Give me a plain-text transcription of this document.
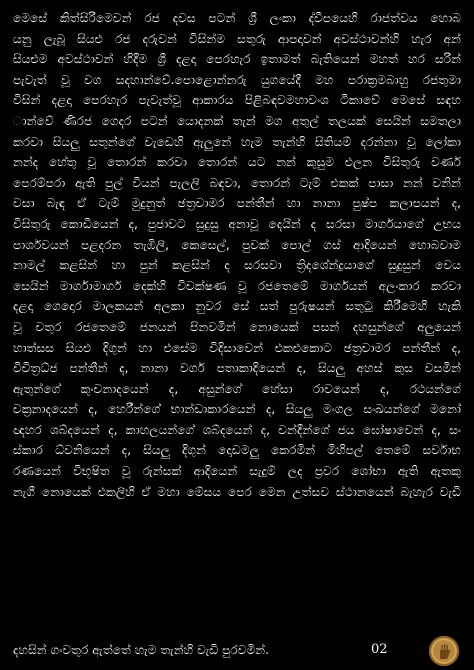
මෙසේ කිත්සිරිමෙවන් රජ දවස පටන් ශ්‍රී ලංකා ද්වීපයෙහි රාජත්වය හොබ
යනු ලැබූ සියළු රජ දරුවන් විසින්ම සතුරු ආපදාවන් අවස්ථාවන්හි හැර අන්
සියළුම අවස්ථාවන් හිදීම ශ්‍රී දළදා පෙරහැර ඉතාමත් බැතියෙන් මහත් හර සරින්
පැවැත් වූ වග සදහාන්වේ.පොළොන්නරු යුගයේදී මහ පරාක්‍රමබාහු රජතුමා
විසින් දළදා පෙරහැර පැවැත්වූ ආකාරය පිළිබඳවමහාවංශ ටීකාවේ මෙසේ සඳහ
ාන්වේ ණිරජ ගෙදර පටන් යොදනක් තැන් මග අතුල් තලයක් සෙයින් සමතලා
කරවා සියලු සතුන්ගේ වැඩෙහි ඇලුනේ හැම තැන්හි සිතියම් දරන්නා වූ ලෝකා
නන්ද හේතු වූ තොරන් කරවා තොරන් යට නන් කුසුම එලන විසිතුරු වර්ණ
පෙරම්පරා ඇති පුල් වියන් පැලලි බඳවා, තොරන් ටැම් එකක් පාසා නන් වනින්
වසා බැඳ ඒ ටැම් මුදුනුත් ඡත්‍රචාමර පන්තීන් හා නානා පුෂ්ප කලාපයන් ද,
විසිතුරු කොඩියෙන් ද, පුජාවට සුදුසු අනාවූ දෙයින් ද සරසා මාර්ගයාගේ උභය
පාර්ශවයන් පළදරන තැඹිලි, කෙසෙල්, පුවක් පොල් ගස් ආදියෙන් හොබවාම
නාමල් කළසින් හා පුන් කළසින් ද සරසවා ත්‍රිදශේන්ද්‍රයාගේ සුදුසුන් වෙය
සෙයින් මාර්ගාමාර්ග දෙක්හි විචක්ෂණ වූ රජතෙමේ මාර්ගයන් අලංකාර කරවා
දළදා ගෙදොර මාලකයන් අලකා නුවර සේ සත් පුරුෂයන් සතුටු කිරීමෙහි හැකි
වූ චතුර රජතෙමේ ජනයන් පිනවමින් නොයෙක් පසන් දහසුන්ගේ අලුයෙන්
හාත්සස සියළු දිගුන් හා එසේම විදිසාවෙන් එකළුකොට ඡත්‍රචාමර පන්තීන් ද,
විචිත්‍රධ්ජ පන්තීන් ද, නානා වර්ග පතාකාදියෙන් ද, සියලු අහස් කුස වසමින්
ඇතුන්ගේ කුංචනාදයෙන් ද, අසුන්ගේ හේසා රාවයෙන් ද, රථයන්ගේ
චක්‍රනාදයෙන් ද, හෙරීන්ගේ භාන්ඩාකාරයෙන් ද, සියලු මංගල සංඛයන්ගේ මනෝ
ඥහර ශබ්දයෙන් ද, කාහලයන්ගේ ශබ්දයෙන් ද, චන්දීන්ගේ ජය ඝෝෂාවෙන් ද, සං
ස්කාර ධ්වනියෙන් ද, සියලු දිගුන් දොඩමලු කෙරමින් මිහිපල් තෙමේ සර්වාභ
රණයෙන් විභූෂිත වූ රුන්සක් ආදියෙන් සැදුම් ලද ප්‍රවර ශෝභා ඇති ඇතකු
නැගී නොයෙක් එකලිහි ඒ මහා මේසය පෙර මෙන උත්සව ස්ථානයෙන් බැහැර වැඩි
දහසින් ගංවතුර ඇත්තේ හැම තැන්හි වැඩි පුරවමින්.	02
